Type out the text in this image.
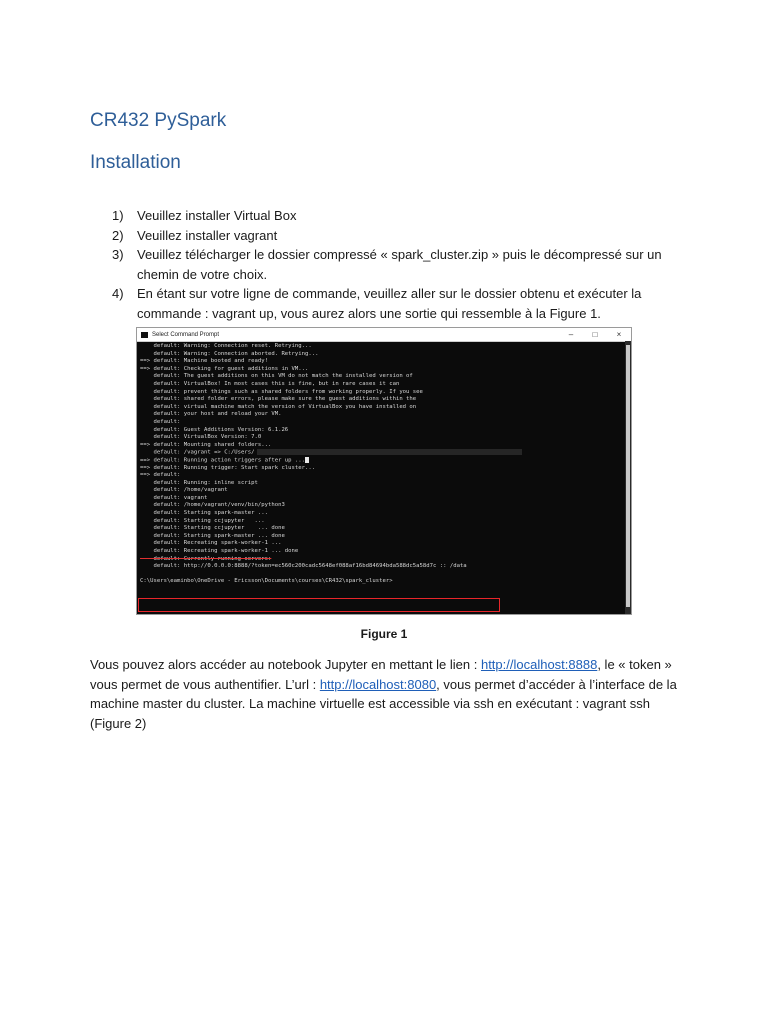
CR432 PySpark
Installation
1) Veuillez installer Virtual Box
2) Veuillez installer vagrant
3) Veuillez télécharger le dossier compressé « spark_cluster.zip » puis le décompressé sur un chemin de votre choix.
4) En étant sur votre ligne de commande, veuillez aller sur le dossier obtenu et exécuter la commande : vagrant up, vous aurez alors une sortie qui ressemble à la Figure 1.
Select Command Prompt	–	□	×
default: Warning: Connection reset. Retrying...
default: Warning: Connection aborted. Retrying...
==> default: Machine booted and ready!
==> default: Checking for guest additions in VM...
default: The guest additions on this VM do not match the installed version of
default: VirtualBox! In most cases this is fine, but in rare cases it can
default: prevent things such as shared folders from working properly. If you see
default: shared folder errors, please make sure the guest additions within the
default: virtual machine match the version of VirtualBox you have installed on
default: your host and reload your VM.
default:
default: Guest Additions Version: 6.1.26
default: VirtualBox Version: 7.0
==> default: Mounting shared folders...
default: /vagrant => C:/Users/
==> default: Running action triggers after up ...
==> default: Running trigger: Start spark cluster...
==> default:
default: Running: inline script
default: /home/vagrant
default: vagrant
default: /home/vagrant/venv/bin/python3
default: Starting spark-master ...
default: Starting ccjupyter   ...
default: Starting ccjupyter    ... done
default: Starting spark-master ... done
default: Recreating spark-worker-1 ...
default: Recreating spark-worker-1 ... done
default: Currently running servers:
default: http://0.0.0.0:8888/?token=ec560c200cadc5648ef088af16bd84694bda588dc5a58d7c :: /data
C:\Users\eaminbo\OneDrive - Ericsson\Documents\courses\CR432\spark_cluster>

Figure 1

Vous pouvez alors accéder au notebook Jupyter en mettant le lien : http://localhost:8888, le « token » vous permet de vous authentifier. L’url : http://localhost:8080, vous permet d’accéder à l’interface de la machine master du cluster. La machine virtuelle est accessible via ssh en exécutant : vagrant ssh (Figure 2)
